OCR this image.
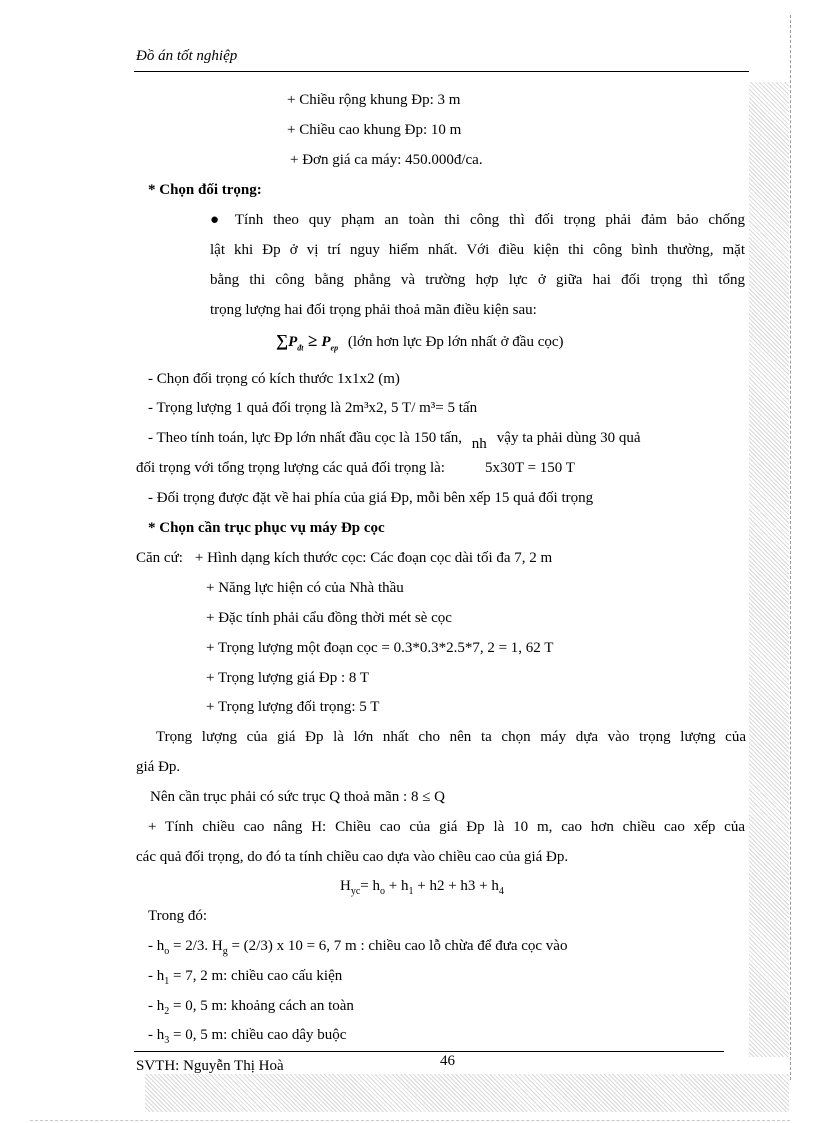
Đồ án tốt nghiệp
+ Chiều rộng khung Đp: 3 m
+ Chiều cao khung Đp: 10 m
+ Đơn giá ca máy: 450.000đ/ca.
* Chọn đối trọng:
● Tính theo quy phạm an toàn thi công thì đối trọng phải đảm bảo chống
lật khi Đp ở vị trí nguy hiểm nhất. Với điều kiện thi công bình thường, mặt
bằng thi công bằng phẳng và trường hợp lực ở giữa hai đối trọng thì tổng
trọng lượng hai đối trọng phải thoả mãn điều kiện sau:
$\sum P_{đt} \ge P_{ep}$ (lớn hơn lực Đp lớn nhất ở đầu cọc)
- Chọn đối trọng có kích thước 1x1x2 (m)
- Trọng lượng 1 quả đối trọng là 2m³x2, 5 T/ m³= 5 tấn
- Theo tính toán, lực Đp lớn nhất đầu cọc là 150 tấn, nh vậy ta phải dùng 30 quả
đối trọng với tổng trọng lượng các quả đối trọng là:	5x30T = 150 T
- Đối trọng được đặt về hai phía của giá Đp, mỗi bên xếp 15 quả đối trọng
* Chọn cần trục phục vụ máy Đp cọc
Căn cứ: + Hình dạng kích thước cọc: Các đoạn cọc dài tối đa 7, 2 m
+ Năng lực hiện có của Nhà thầu
+ Đặc tính phải cẩu đồng thời mét sè cọc
+ Trọng lượng một đoạn cọc = 0.3*0.3*2.5*7, 2 = 1, 62 T
+ Trọng lượng giá Đp : 8 T
+ Trọng lượng đối trọng: 5 T
Trọng lượng của giá Đp là lớn nhất cho nên ta chọn máy dựa vào trọng lượng của
giá Đp.
Nên cần trục phải có sức trục Q thoả mãn : 8 ≤ Q
+ Tính chiều cao nâng H: Chiều cao của giá Đp là 10 m, cao hơn chiều cao xếp của
các quả đối trọng, do đó ta tính chiều cao dựa vào chiều cao của giá Đp.
$H_{yc}= h_o + h_1 + h2 + h3 + h_4$
Trong đó:
- $h_o = 2/3$. $H_g = (2/3)$ x 10 = 6, 7 m : chiều cao lỗ chừa để đưa cọc vào
- $h_1 = 7$, 2 m: chiều cao cấu kiện
- $h_2 = 0$, 5 m: khoảng cách an toàn
- $h_3 = 0$, 5 m: chiều cao dây buộc
46
SVTH: Nguyễn Thị Hoà
